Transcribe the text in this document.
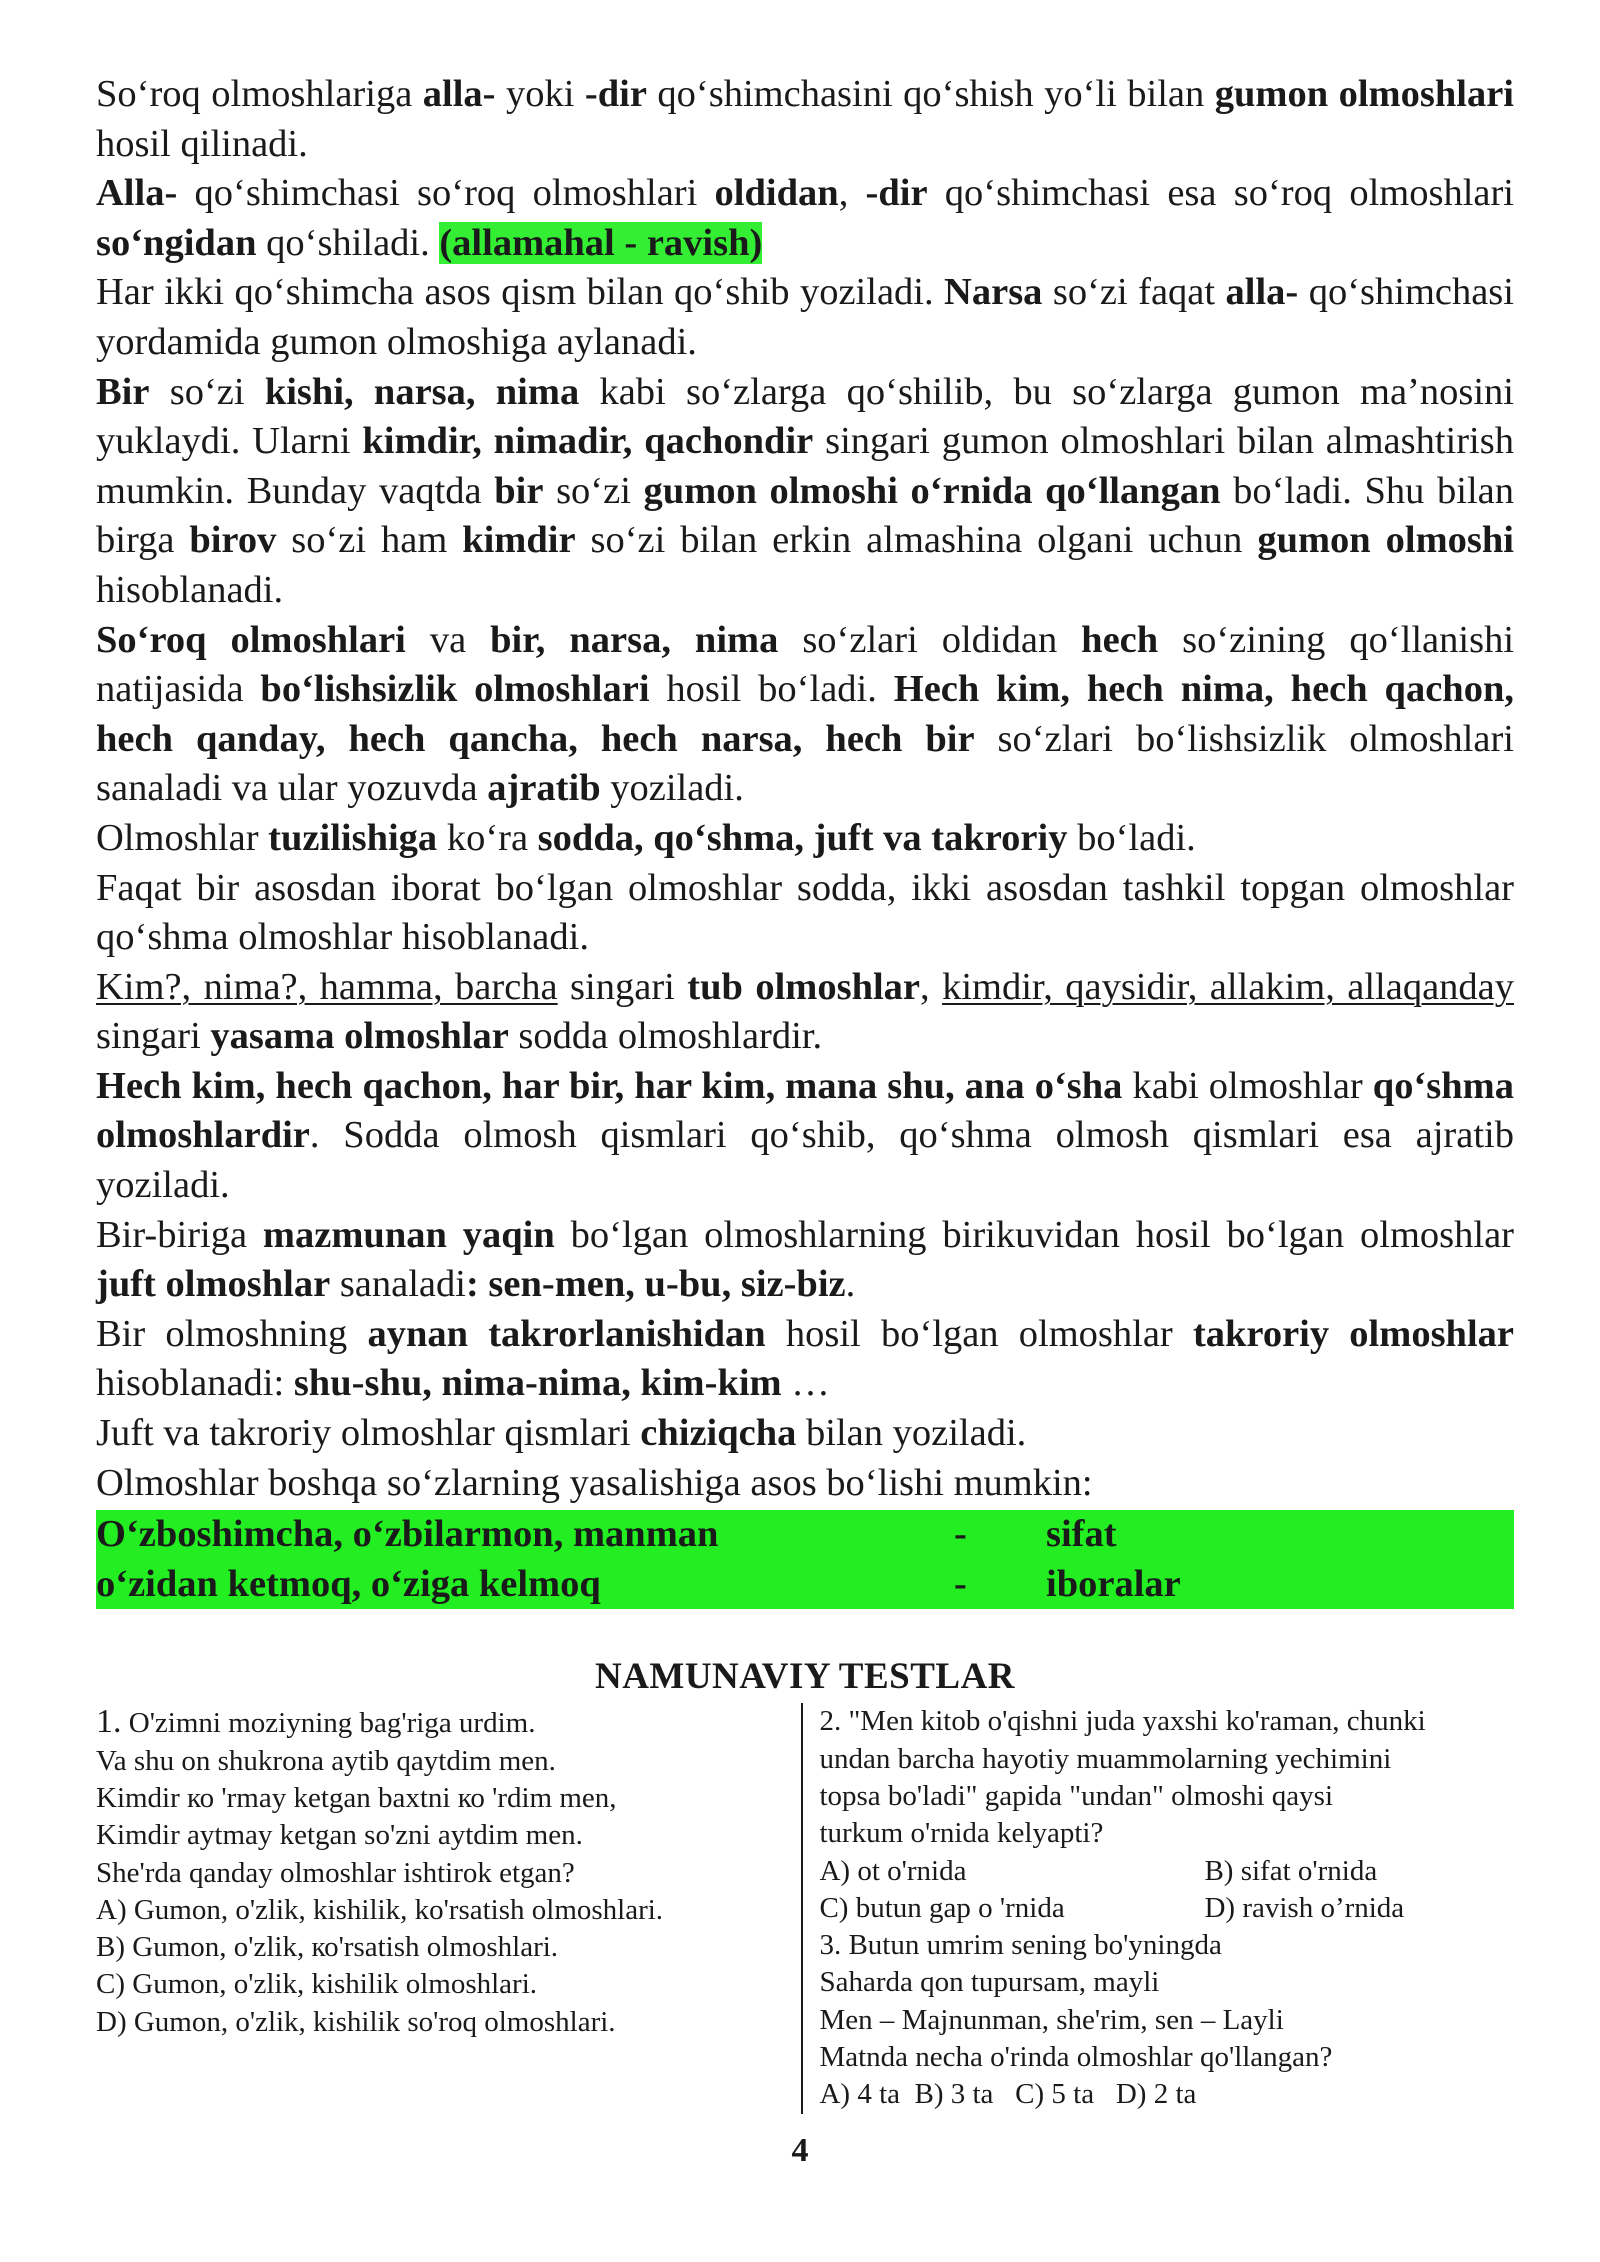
So‘roq olmoshlariga alla- yoki -dir qo‘shimchasini qo‘shish yo‘li bilan gumon olmoshlari hosil qilinadi.

Alla- qo‘shimchasi so‘roq olmoshlari oldidan, -dir qo‘shimchasi esa so‘roq olmoshlari so‘ngidan qo‘shiladi. (allamahal - ravish)

Har ikki qo‘shimcha asos qism bilan qo‘shib yoziladi. Narsa so‘zi faqat alla- qo‘shimchasi yordamida gumon olmoshiga aylanadi.

Bir so‘zi kishi, narsa, nima kabi so‘zlarga qo‘shilib, bu so‘zlarga gumon ma’nosini yuklaydi. Ularni kimdir, nimadir, qachondir singari gumon olmoshlari bilan almashtirish mumkin. Bunday vaqtda bir so‘zi gumon olmoshi o‘rnida qo‘llangan bo‘ladi. Shu bilan birga birov so‘zi ham kimdir so‘zi bilan erkin almashina olgani uchun gumon olmoshi hisoblanadi.

So‘roq olmoshlari va bir, narsa, nima so‘zlari oldidan hech so‘zining qo‘llanishi natijasida bo‘lishsizlik olmoshlari hosil bo‘ladi. Hech kim, hech nima, hech qachon, hech qanday, hech qancha, hech narsa, hech bir so‘zlari bo‘lishsizlik olmoshlari sanaladi va ular yozuvda ajratib yoziladi.

Olmoshlar tuzilishiga ko‘ra sodda, qo‘shma, juft va takroriy bo‘ladi.

Faqat bir asosdan iborat bo‘lgan olmoshlar sodda, ikki asosdan tashkil topgan olmoshlar qo‘shma olmoshlar hisoblanadi.

Kim?, nima?, hamma, barcha singari tub olmoshlar, kimdir, qaysidir, allakim, allaqanday singari yasama olmoshlar sodda olmoshlardir.

Hech kim, hech qachon, har bir, har kim, mana shu, ana o‘sha kabi olmoshlar qo‘shma olmoshlardir. Sodda olmosh qismlari qo‘shib, qo‘shma olmosh qismlari esa ajratib yoziladi.

Bir-biriga mazmunan yaqin bo‘lgan olmoshlarning birikuvidan hosil bo‘lgan olmoshlar juft olmoshlar sanaladi: sen-men, u-bu, siz-biz.

Bir olmoshning aynan takrorlanishidan hosil bo‘lgan olmoshlar takroriy olmoshlar hisoblanadi: shu-shu, nima-nima, kim-kim …

Juft va takroriy olmoshlar qismlari chiziqcha bilan yoziladi.

Olmoshlar boshqa so‘zlarning yasalishiga asos bo‘lishi mumkin:

O‘zboshimcha, o‘zbilarmon, manman	-	sifat
o‘zidan ketmoq, o‘ziga kelmoq	-	iboralar
NAMUNAVIY TESTLAR
1. O'zimni moziyning bag'riga urdim.
Va shu on shukrona aytib qaytdim men.
Kimdir ко 'rmay ketgan baxtni ко 'rdim men,
Kimdir aytmay ketgan so'zni aytdim men.
She'rda qanday olmoshlar ishtirok etgan?
A) Gumon, o'zlik, kishilik, ko'rsatish olmoshlari.
B) Gumon, o'zlik, ко'rsatish olmoshlari.
C) Gumon, o'zlik, kishilik olmoshlari.
D) Gumon, o'zlik, kishilik so'roq olmoshlari.
2. "Men kitob o'qishni juda yaxshi ko'raman, chunki
undan barcha hayotiy muammolarning yechimini
topsa bo'ladi" gapida "undan" olmoshi qaysi
turkum o'rnida kelyapti?
A) ot o'rnida	B) sifat o'rnida
C) butun gap o 'rnida	D) ravish o’rnida
3. Butun umrim sening bo'yningda
Saharda qon tupursam, mayli
Men – Majnunman, she'rim, sen – Layli
Matnda necha o'rinda olmoshlar qo'llangan?
A) 4 ta  B) 3 ta   C) 5 ta   D) 2 ta
4
